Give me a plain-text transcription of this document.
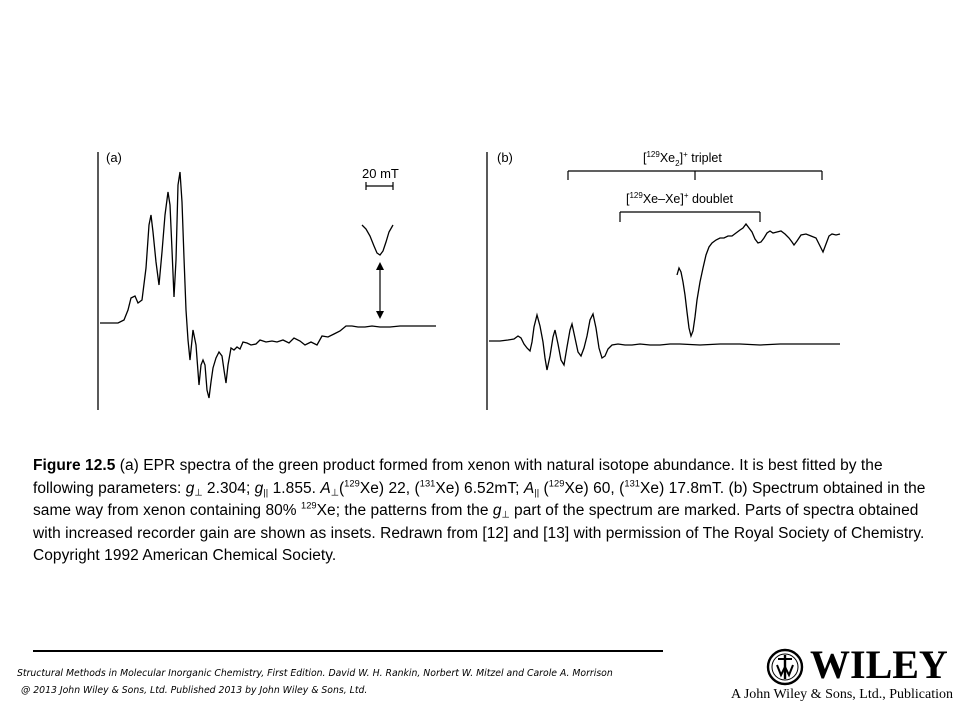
(a)
20 mT
(b)	$[^{129}Xe_2]^+$ triplet
[$^{129}$Xe–Xe]+ doublet
Figure 12.5 (a) EPR spectra of the green product formed from xenon with natural isotope abundance. It is best fitted by the following parameters: $g_\perp$ 2.304; $g_{||}$ 1.855. $A_\perp(^{129}Xe)$ 22, ($^{131}$Xe) 6.52mT; $A_{||}$ ($^{129}$Xe) 60, ($^{131}$Xe) 17.8mT. (b) Spectrum obtained in the same way from xenon containing 80% $^{129}$Xe; the patterns from the $g_\perp$ part of the spectrum are marked. Parts of spectra obtained with increased recorder gain are shown as insets. Redrawn from [12] and [13] with permission of The Royal Society of Chemistry. Copyright 1992 American Chemical Society.
Structural Methods in Molecular Inorganic Chemistry, First Edition. David W. H. Rankin, Norbert W. Mitzel and Carole A. Morrison
@ 2013 John Wiley & Sons, Ltd. Published 2013 by John Wiley & Sons, Ltd.
WILEY
A John Wiley & Sons, Ltd., Publication
